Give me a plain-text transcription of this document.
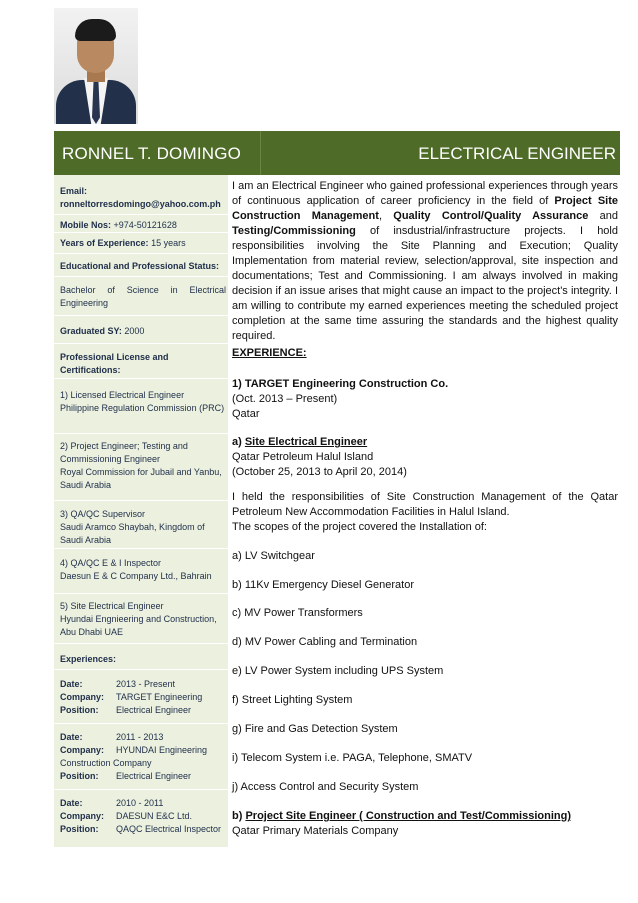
RONNEL T. DOMINGO	ELECTRICAL ENGINEER
Email:
ronneltorresdomingo@yahoo.com.ph
Mobile Nos: +974-50121628
Years of Experience: 15 years
Educational and Professional Status:
Bachelor of Science in Electrical Engineering
Graduated SY: 2000
Professional License and Certifications:
1) Licensed Electrical Engineer
Philippine Regulation Commission (PRC)
2) Project Engineer; Testing and Commissioning Engineer
Royal Commission for Jubail and Yanbu, Saudi Arabia
3) QA/QC Supervisor
Saudi Aramco Shaybah, Kingdom of Saudi Arabia
4) QA/QC E & I Inspector
Daesun E & C Company Ltd., Bahrain
5) Site Electrical Engineer
Hyundai Engnieering and Construction, Abu Dhabi UAE
Experiences:
Date:	2013 - Present
Company: TARGET Engineering
Position: Electrical Engineer
Date:	2011 - 2013
Company: HYUNDAI Engineering
Construction Company
Position: Electrical Engineer
Date:	2010 - 2011
Company: DAESUN E&C Ltd.
Position: QAQC Electrical Inspector
I am an Electrical Engineer who gained professional experiences through years of continuous application of career proficiency in the field of Project Site Construction Management, Quality Control/Quality Assurance and Testing/Commissioning of insdustrial/infrastructure projects. I hold responsibilities involving the Site Planning and Execution; Quality Implementation from material review, selection/approval, site inspection and documentations; Test and Commissioning. I am always involved in making decision if an issue arises that might cause an impact to the project's integrity. I am willing to contribute my earned experiences meeting the scheduled project completion at the same time assuring the standards and the highest quality required.
EXPERIENCE:
1) TARGET Engineering Construction Co.
(Oct. 2013 – Present)
Qatar
a) Site Electrical Engineer
Qatar Petroleum Halul Island
(October 25, 2013 to April 20, 2014)
I held the responsibilities of Site Construction Management of the Qatar Petroleum New Accommodation Facilities in Halul Island.
The scopes of the project covered the Installation of:
a) LV Switchgear
b) 11Kv Emergency Diesel Generator
c) MV Power Transformers
d) MV Power Cabling and Termination
e) LV Power System including UPS System
f) Street Lighting System
g) Fire and Gas Detection System
i) Telecom System i.e. PAGA, Telephone, SMATV
j) Access Control and Security System
b) Project Site Engineer ( Construction and Test/Commissioning)
Qatar Primary Materials Company
